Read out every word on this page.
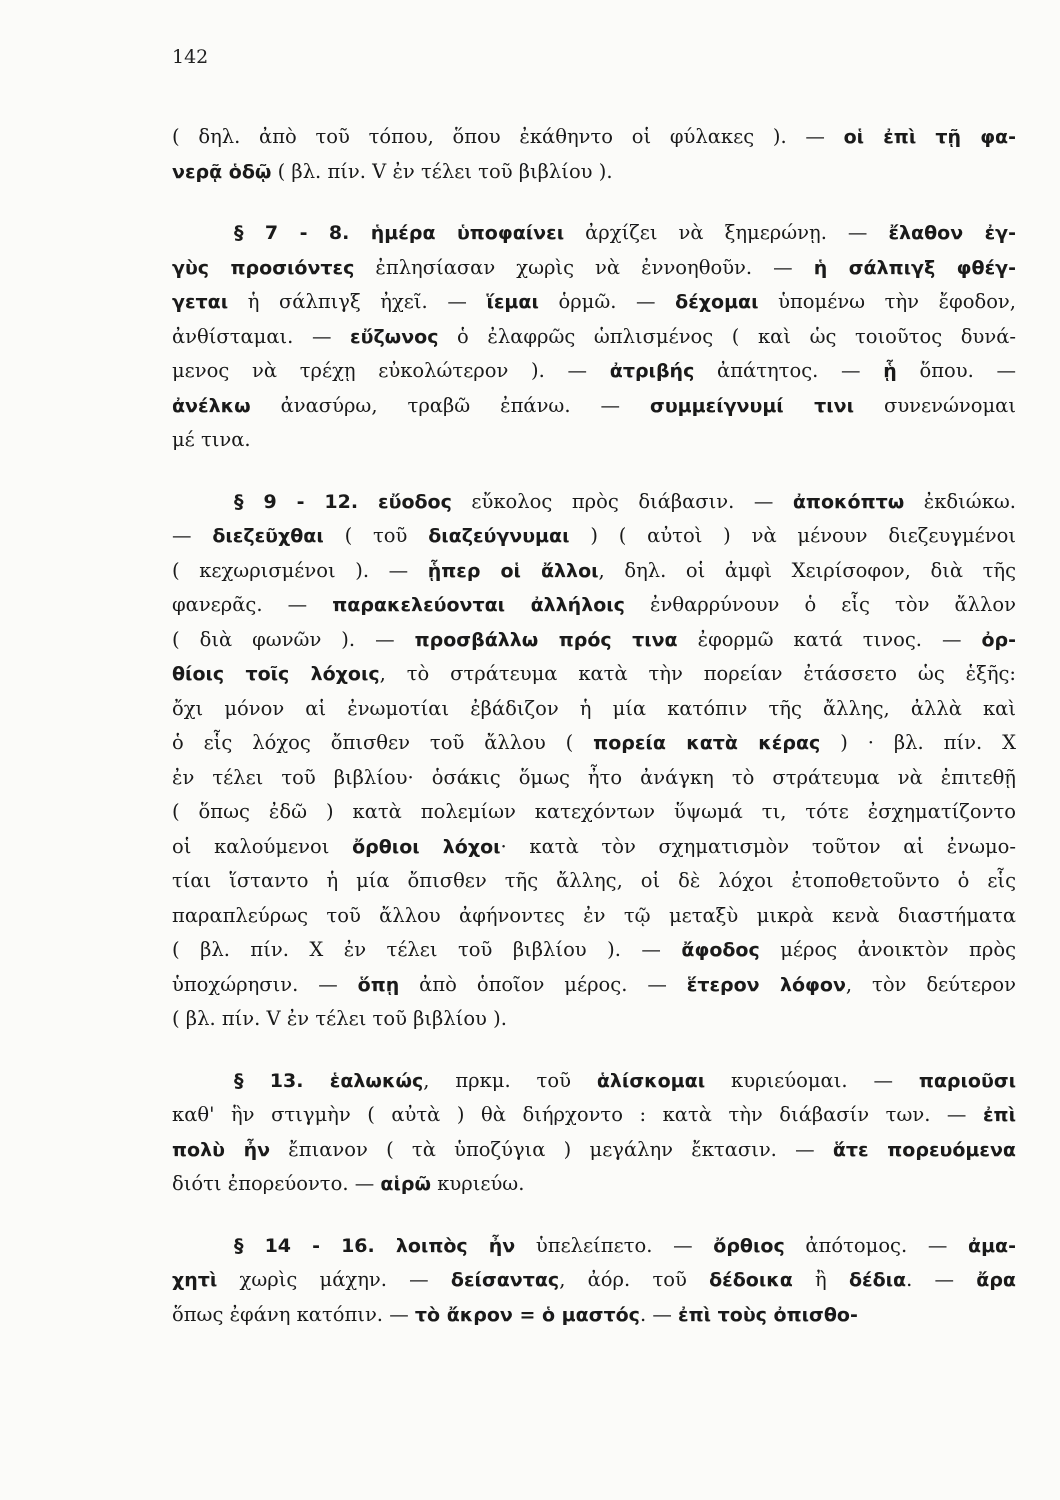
142
( δηλ. ἀπὸ τοῦ τόπου, ὅπου ἐκάθηντο οἱ φύλακες ). — οἱ ἐπὶ τῇ φα-
νερᾷ ὁδῷ ( βλ. πίν. V ἐν τέλει τοῦ βιβλίου ).
§ 7 - 8. ἡμέρα ὑποφαίνει ἀρχίζει νὰ ξημερώνῃ. — ἔλαθον ἐγ-
γὺς προσιόντες ἐπλησίασαν χωρὶς νὰ ἐννοηθοῦν. — ἡ σάλπιγξ φθέγ-
γεται ἡ σάλπιγξ ἠχεῖ. — ἵεμαι ὁρμῶ. — δέχομαι ὑπομένω τὴν ἔφοδον,
ἀνθίσταμαι. — εὔζωνος ὁ ἐλαφρῶς ὡπλισμένος ( καὶ ὡς τοιοῦτος δυνά-
μενος νὰ τρέχῃ εὐκολώτερον ). — ἀτριβής ἀπάτητος. — ᾗ ὅπου. —
ἀνέλκω ἀνασύρω, τραβῶ ἐπάνω. — συμμείγνυμί τινι συνενώνομαι
μέ τινα.
§ 9 - 12. εὔοδος εὔκολος πρὸς διάβασιν. — ἀποκόπτω ἐκδιώκω.
— διεζεῦχθαι ( τοῦ διαζεύγνυμαι ) ( αὐτοὶ ) νὰ μένουν διεζευγμένοι
( κεχωρισμένοι ). — ᾗπερ οἱ ἄλλοι, δηλ. οἱ ἀμφὶ Χειρίσοφον, διὰ τῆς
φανερᾶς. — παρακελεύονται ἀλλήλοις ἐνθαρρύνουν ὁ εἷς τὸν ἄλλον
( διὰ φωνῶν ). — προσβάλλω πρός τινα ἐφορμῶ κατά τινος. — ὀρ-
θίοις τοῖς λόχοις, τὸ στράτευμα κατὰ τὴν πορείαν ἐτάσσετο ὡς ἑξῆς:
ὄχι μόνον αἱ ἐνωμοτίαι ἐβάδιζον ἡ μία κατόπιν τῆς ἄλλης, ἀλλὰ καὶ
ὁ εἷς λόχος ὄπισθεν τοῦ ἄλλου ( πορεία κατὰ κέρας ) · βλ. πίν. X
ἐν τέλει τοῦ βιβλίου· ὁσάκις ὅμως ἦτο ἀνάγκη τὸ στράτευμα νὰ ἐπιτεθῇ
( ὅπως ἐδῶ ) κατὰ πολεμίων κατεχόντων ὕψωμά τι, τότε ἐσχηματίζοντο
οἱ καλούμενοι ὄρθιοι λόχοι· κατὰ τὸν σχηματισμὸν τοῦτον αἱ ἐνωμο-
τίαι ἵσταντο ἡ μία ὄπισθεν τῆς ἄλλης, οἱ δὲ λόχοι ἐτοποθετοῦντο ὁ εἷς
παραπλεύρως τοῦ ἄλλου ἀφήνοντες ἐν τῷ μεταξὺ μικρὰ κενὰ διαστήματα
( βλ. πίν. X ἐν τέλει τοῦ βιβλίου ). — ἄφοδος μέρος ἀνοικτὸν πρὸς
ὑποχώρησιν. — ὅπῃ ἀπὸ ὁποῖον μέρος. — ἕτερον λόφον, τὸν δεύτερον
( βλ. πίν. V ἐν τέλει τοῦ βιβλίου ).
§ 13. ἑαλωκώς, πρκμ. τοῦ ἁλίσκομαι κυριεύομαι. — παριοῦσι
καθ' ἣν στιγμὴν ( αὐτὰ ) θὰ διήρχοντο : κατὰ τὴν διάβασίν των. — ἐπὶ
πολὺ ἦν ἔπιανον ( τὰ ὑποζύγια ) μεγάλην ἔκτασιν. — ἅτε πορευόμενα
διότι ἐπορεύοντο. — αἱρῶ κυριεύω.
§ 14 - 16. λοιπὸς ἦν ὑπελείπετο. — ὄρθιος ἀπότομος. — ἀμα-
χητὶ χωρὶς μάχην. — δείσαντας, ἀόρ. τοῦ δέδοικα ἢ δέδια. — ἄρα
ὅπως ἐφάνη κατόπιν. — τὸ ἄκρον = ὁ μαστός. — ἐπὶ τοὺς ὀπισθο-
